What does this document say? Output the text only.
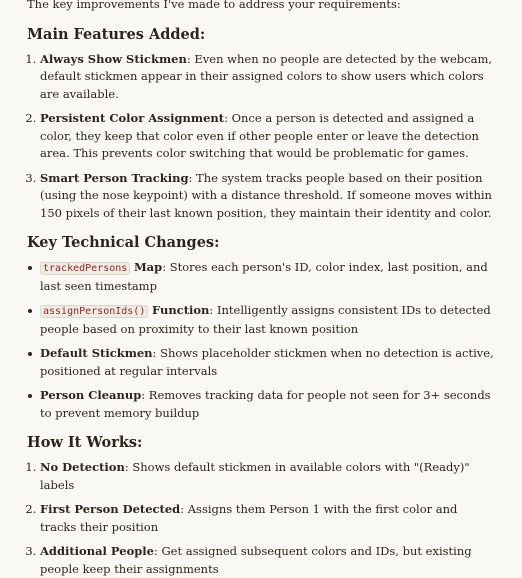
The key improvements I've made to address your requirements:

Main Features Added:
1. Always Show Stickmen: Even when no people are detected by the webcam, default stickmen appear in their assigned colors to show users which colors are available.
2. Persistent Color Assignment: Once a person is detected and assigned a color, they keep that color even if other people enter or leave the detection area. This prevents color switching that would be problematic for games.
3. Smart Person Tracking: The system tracks people based on their position (using the nose keypoint) with a distance threshold. If someone moves within 150 pixels of their last known position, they maintain their identity and color.
Key Technical Changes:
trackedPersons Map: Stores each person's ID, color index, last position, and last seen timestamp
assignPersonIds() Function: Intelligently assigns consistent IDs to detected people based on proximity to their last known position
Default Stickmen: Shows placeholder stickmen when no detection is active, positioned at regular intervals
Person Cleanup: Removes tracking data for people not seen for 3+ seconds to prevent memory buildup
How It Works:
1. No Detection: Shows default stickmen in available colors with "(Ready)" labels
2. First Person Detected: Assigns them Person 1 with the first color and tracks their position
3. Additional People: Get assigned subsequent colors and IDs, but existing people keep their assignments
